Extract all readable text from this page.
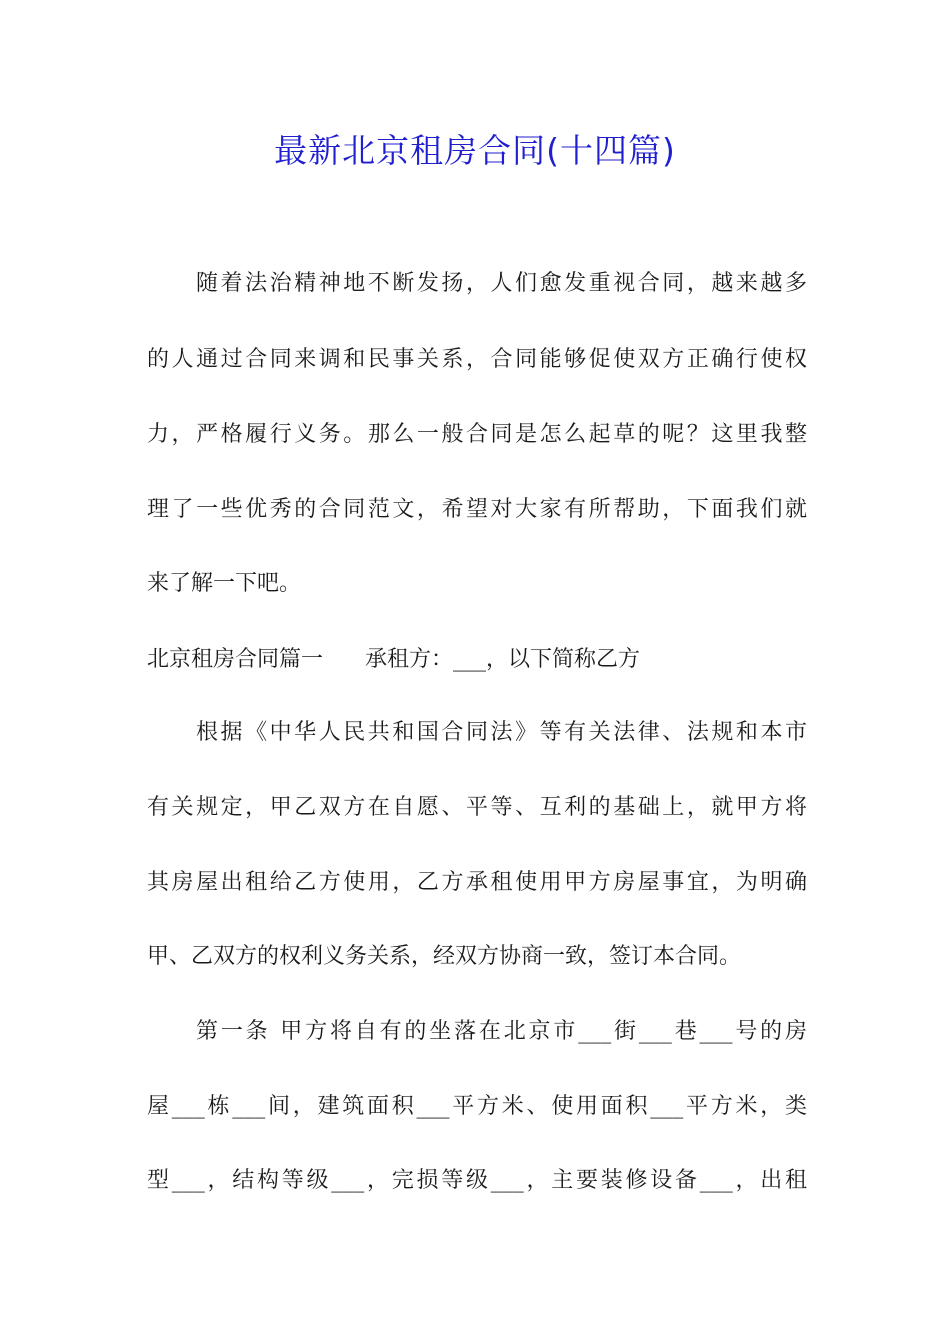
最新北京租房合同(十四篇)
随着法治精神地不断发扬，人们愈发重视合同，越来越多
的人通过合同来调和民事关系，合同能够促使双方正确行使权
力，严格履行义务。那么一般合同是怎么起草的呢？这里我整
理了一些优秀的合同范文，希望对大家有所帮助，下面我们就
来了解一下吧。
北京租房合同篇一 承租方：___，以下简称乙方
根据《中华人民共和国合同法》等有关法律、法规和本市
有关规定，甲乙双方在自愿、平等、互利的基础上，就甲方将
其房屋出租给乙方使用，乙方承租使用甲方房屋事宜，为明确
甲、乙双方的权利义务关系，经双方协商一致，签订本合同。
第一条 甲方将自有的坐落在北京市___街___巷___号的房
屋___栋___间，建筑面积___平方米、使用面积___平方米，类
型___，结构等级___，完损等级___，主要装修设备___，出租
